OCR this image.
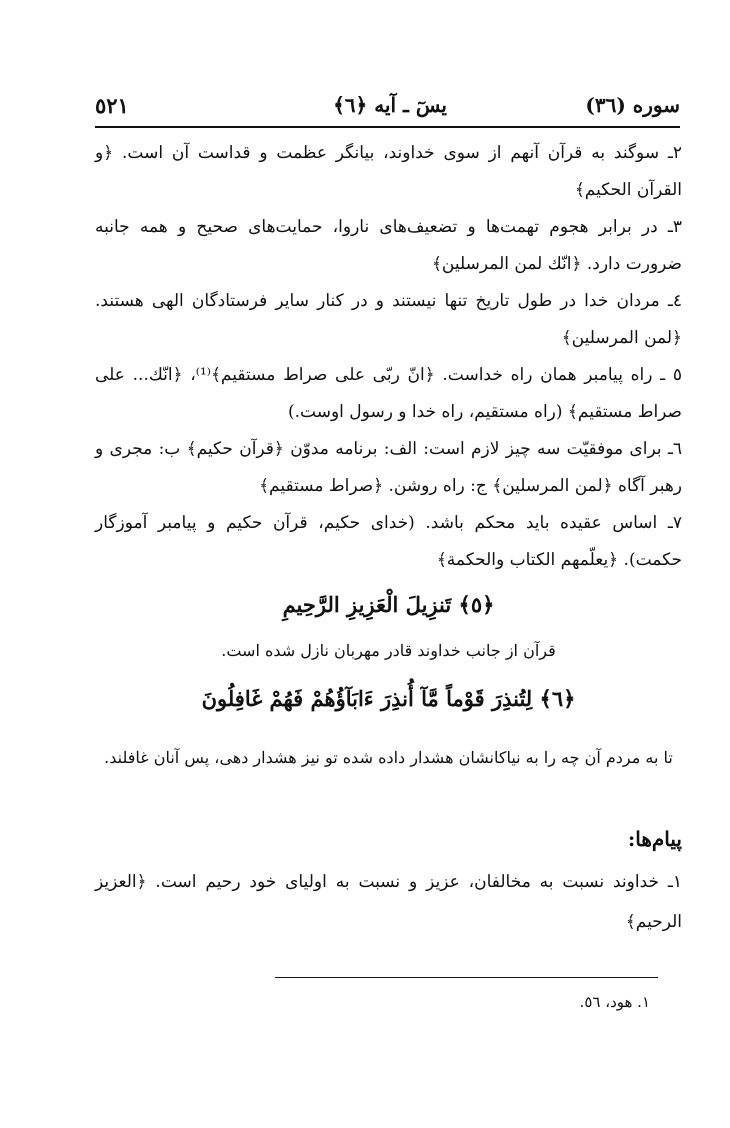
سوره (٣٦)
يسٓ ـ آیه ﴿٦﴾
٥٢١

٢ـ سوگند به قرآن آنهم از سوی خداوند، بیانگر عظمت و قداست آن است. ﴿و القرآن الحکیم﴾

٣ـ در برابر هجوم تهمت‌ها و تضعیف‌های ناروا، حمایت‌های صحیح و همه جانبه ضرورت دارد. ﴿انّك لمن المرسلین﴾

٤ـ مردان خدا در طول تاریخ تنها نیستند و در کنار سایر فرستادگان الهی هستند. ﴿لمن المرسلین﴾

٥ ـ راه پیامبر همان راه خداست. ﴿انّ ربّی علی صراط مستقیم﴾⁽¹⁾، ﴿انّك... علی صراط مستقیم﴾ (راه مستقیم، راه خدا و رسول اوست.)

٦ـ برای موفقیّت سه چیز لازم است: الف: برنامه مدوّن ﴿قرآن حکیم﴾ ب: مجری و رهبر آگاه ﴿لمن المرسلین﴾ ج: راه روشن. ﴿صراط مستقیم﴾

٧ـ اساس عقیده باید محکم باشد. (خدای حکیم، قرآن حکیم و پیامبر آموزگار حکمت). ﴿یعلّمهم الکتاب والحکمة﴾

﴿٥﴾ تَنزِيلَ الْعَزِيزِ الرَّحِيمِ
قرآن از جانب خداوند قادر مهربان نازل شده است.
﴿٦﴾ لِتُنذِرَ قَوْماً مَّآ أُنذِرَ ءَابَآؤُهُمْ فَهُمْ غَافِلُونَ
تا به مردم آن چه را به نیاکانشان هشدار داده شده تو نیز هشدار دهی، پس آنان غافلند.
پیام‌ها:

١ـ خداوند نسبت به مخالفان، عزیز و نسبت به اولیای خود رحیم است. ﴿العزیز الرحیم﴾

١. هود، ٥٦.
